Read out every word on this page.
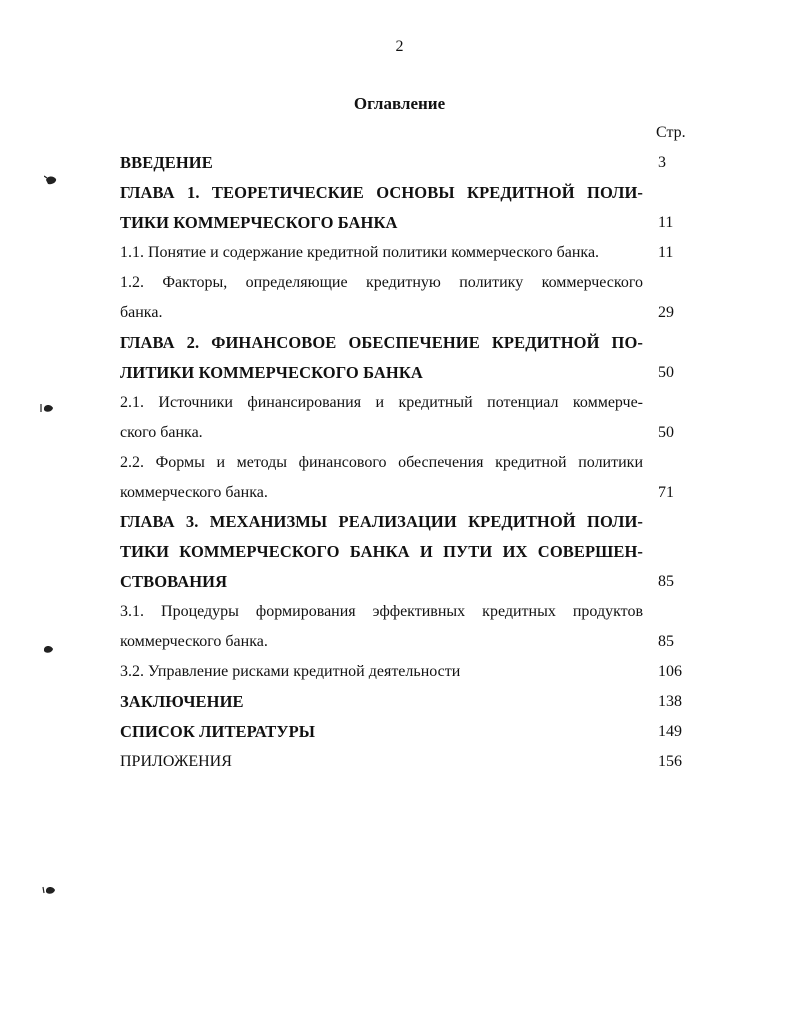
2
Оглавление
Стр.
ВВЕДЕНИЕ	3
ГЛАВА 1. ТЕОРЕТИЧЕСКИЕ ОСНОВЫ КРЕДИТНОЙ ПОЛИ-
ТИКИ КОММЕРЧЕСКОГО БАНКА	11
1.1. Понятие и содержание кредитной политики коммерческого банка.	11
1.2. Факторы, определяющие кредитную политику коммерческого
банка.	29
ГЛАВА 2. ФИНАНСОВОЕ ОБЕСПЕЧЕНИЕ КРЕДИТНОЙ ПО-
ЛИТИКИ КОММЕРЧЕСКОГО БАНКА	50
2.1. Источники финансирования и кредитный потенциал коммерче-
ского банка.	50
2.2. Формы и методы финансового обеспечения кредитной политики
коммерческого банка.	71
ГЛАВА 3. МЕХАНИЗМЫ РЕАЛИЗАЦИИ КРЕДИТНОЙ ПОЛИ-
ТИКИ КОММЕРЧЕСКОГО БАНКА И ПУТИ ИХ СОВЕРШЕН-
СТВОВАНИЯ	85
3.1. Процедуры формирования эффективных кредитных продуктов
коммерческого банка.	85
3.2. Управление рисками кредитной деятельности	106
ЗАКЛЮЧЕНИЕ	138
СПИСОК ЛИТЕРАТУРЫ	149
ПРИЛОЖЕНИЯ	156
